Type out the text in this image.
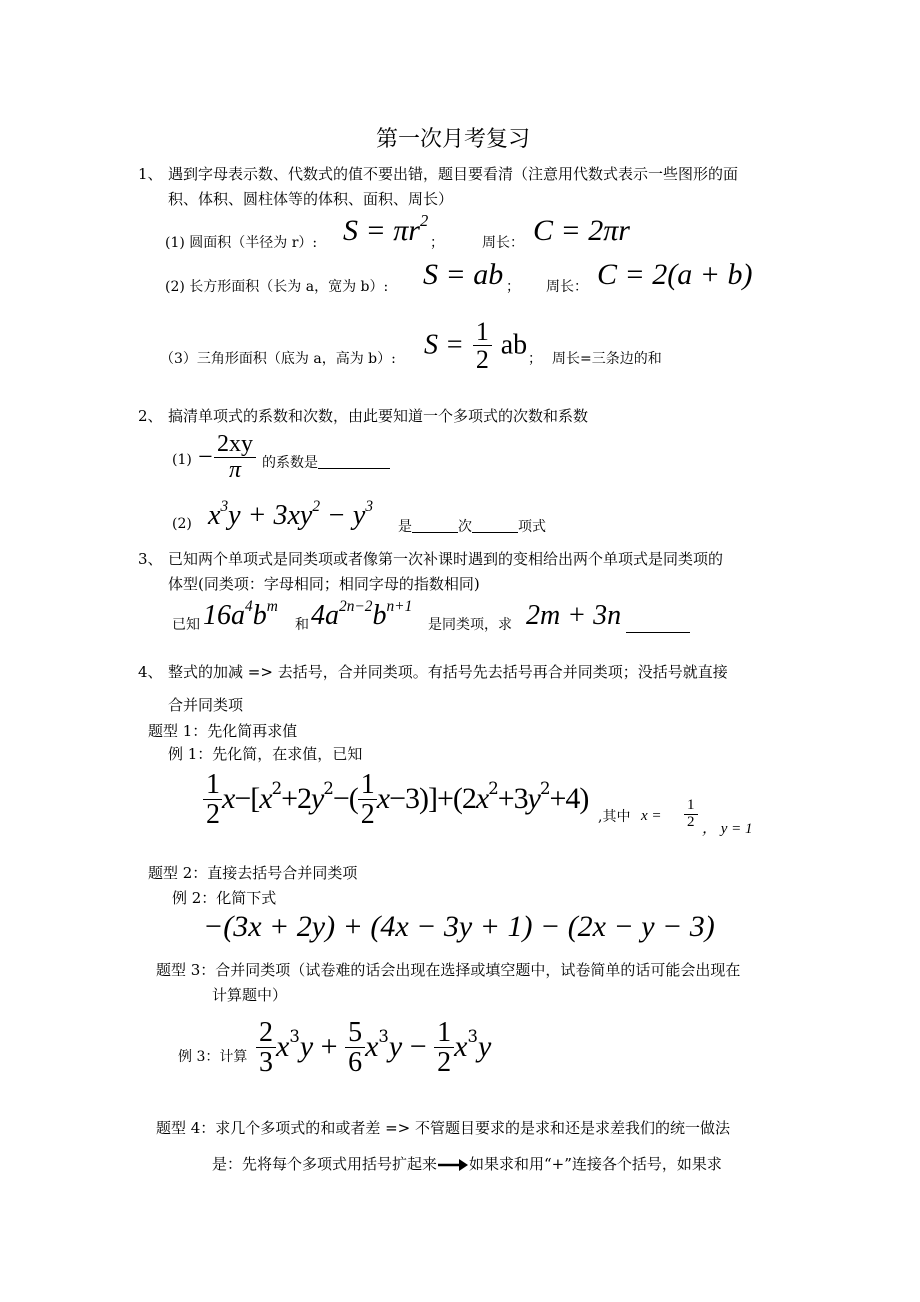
第一次月考复习
1、 遇到字母表示数、代数式的值不要出错，题目要看清（注意用代数式表示一些图形的面
积、体积、圆柱体等的体积、面积、周长）
(1) 圆面积（半径为 r）: $S = \pi r^2$
；	周长： C = 2πr
(2) 长方形面积（长为 a，宽为 b）: S = ab ； 周长： C = 2(a + b)
（3）三角形面积（底为 a，高为 b）: $S = \frac{1}{2}$ ab ； 周长=三条边的和
2、 搞清单项式的系数和次数，由此要知道一个多项式的次数和系数
$(1) - \frac{2xy}{\pi}$ 的系数是
(2) $x^3y + 3xy^2 - y^3$
是	次	项式
3、 已知两个单项式是同类项或者像第一次补课时遇到的变相给出两个单项式是同类项的
体型(同类项：字母相同；相同字母的指数相同)
已知 $16a^4b^m$
和 $4a^{2n-2}b^{n+1}$
是同类项，求 2m + 3n
4、 整式的加减 => 去括号，合并同类项。有括号先去括号再合并同类项；没括号就直接
合并同类项
题型 1：先化简再求值
例 1：先化简，在求值，已知
$\frac{1}{2} x-[x^2+2y^2-( \frac{1}{2} x-3)]+(2x^2+3y^2+4)$
,其中 $x = \frac{1}{2}$ ， y = 1
题型 2：直接去括号合并同类项
例 2：化简下式
−(3x + 2y) + (4x − 3y + 1) − (2x − y − 3)
题型 3：合并同类项（试卷难的话会出现在选择或填空题中，试卷简单的话可能会出现在
计算题中）
例 3：计算 $\frac{2}{3} x^3y + \frac{5}{6} x^3y - \frac{1}{2} x^3y$
题型 4：求几个多项式的和或者差 => 不管题目要求的是求和还是求差我们的统一做法
是：先将每个多项式用括号扩起来 如果求和用“+”连接各个括号，如果求
